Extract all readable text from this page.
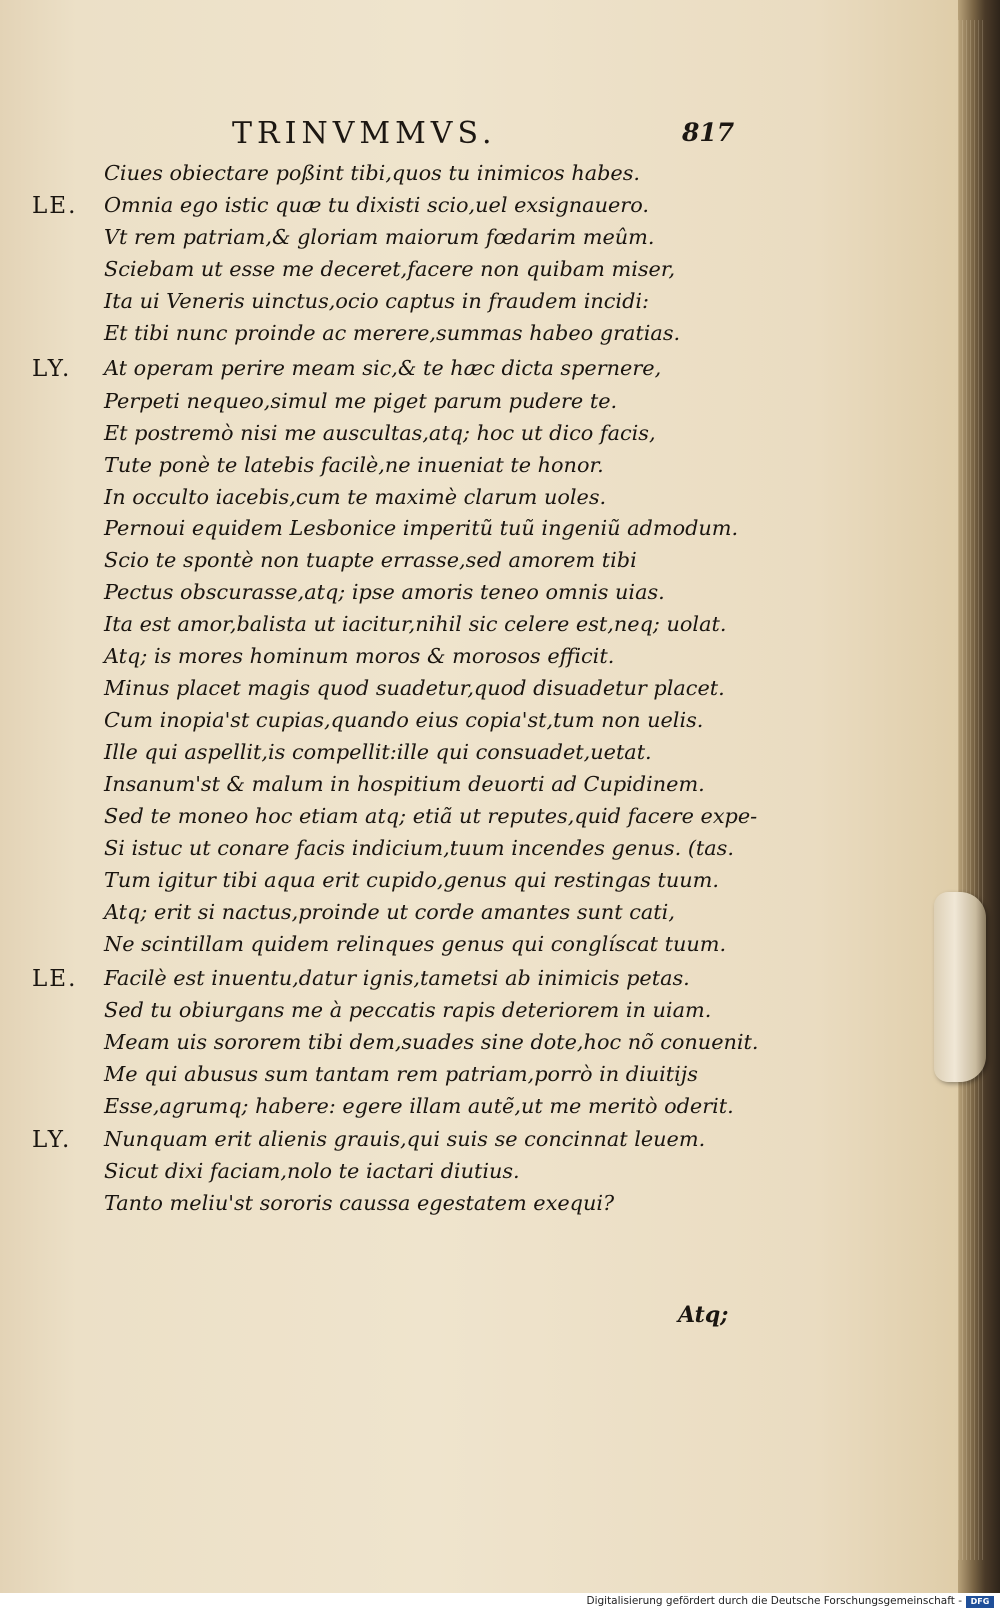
TRINVMMVS.	817
Ciues obiectare poßint tibi,quos tu inimicos habes.
LE. Omnia ego istic quæ tu dixisti scio,uel exsignauero.
Vt rem patriam,& gloriam maiorum fœdarim meûm.
Sciebam ut esse me deceret,facere non quibam miser,
Ita ui Veneris uinctus,ocio captus in fraudem incidi:
Et tibi nunc proinde ac merere,summas habeo gratias.
LY. At operam perire meam sic,& te hæc dicta spernere,
Perpeti nequeo,simul me piget parum pudere te.
Et postremò nisi me auscultas,atq; hoc ut dico facis,
Tute ponè te latebis facilè,ne inueniat te honor.
In occulto iacebis,cum te maximè clarum uoles.
Pernoui equidem Lesbonice imperitũ tuũ ingeniũ admodum.
Scio te spontè non tuapte errasse,sed amorem tibi
Pectus obscurasse,atq; ipse amoris teneo omnis uias.
Ita est amor,balista ut iacitur,nihil sic celere est,neq; uolat.
Atq; is mores hominum moros & morosos efficit.
Minus placet magis quod suadetur,quod disuadetur placet.
Cum inopia'st cupias,quando eius copia'st,tum non uelis.
Ille qui aspellit,is compellit:ille qui consuadet,uetat.
Insanum'st & malum in hospitium deuorti ad Cupidinem.
Sed te moneo hoc etiam atq; etiã ut reputes,quid facere expe-
Si istuc ut conare facis indicium,tuum incendes genus. (tas.
Tum igitur tibi aqua erit cupido,genus qui restingas tuum.
Atq; erit si nactus,proinde ut corde amantes sunt cati,
Ne scintillam quidem relinques genus qui conglíscat tuum.
LE. Facilè est inuentu,datur ignis,tametsi ab inimicis petas.
Sed tu obiurgans me à peccatis rapis deteriorem in uiam.
Meam uis sororem tibi dem,suades sine dote,hoc nõ conuenit.
Me qui abusus sum tantam rem patriam,porrò in diuitijs
Esse,agrumq; habere: egere illam autẽ,ut me meritò oderit.
LY. Nunquam erit alienis grauis,qui suis se concinnat leuem.
Sicut dixi faciam,nolo te iactari diutius.
Tanto meliu'st sororis caussa egestatem exequi?
Atq;
Digitalisierung gefördert durch die Deutsche Forschungsgemeinschaft -	DFG
